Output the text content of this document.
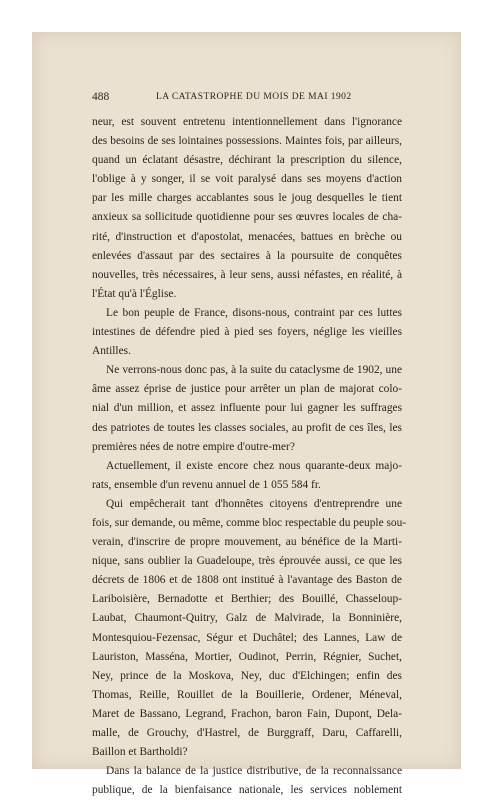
488	LA CATASTROPHE DU MOIS DE MAI 1902
neur, est souvent entretenu intentionnellement dans l'ignorance
des besoins de ses lointaines possessions. Maintes fois, par ailleurs,
quand un éclatant désastre, déchirant la prescription du silence,
l'oblige à y songer, il se voit paralysé dans ses moyens d'action
par les mille charges accablantes sous le joug desquelles le tient
anxieux sa sollicitude quotidienne pour ses œuvres locales de cha-
rité, d'instruction et d'apostolat, menacées, battues en brèche ou
enlevées d'assaut par des sectaires à la poursuite de conquêtes
nouvelles, très nécessaires, à leur sens, aussi néfastes, en réalité, à
l'État qu'à l'Église.
Le bon peuple de France, disons-nous, contraint par ces luttes
intestines de défendre pied à pied ses foyers, néglige les vieilles
Antilles.
Ne verrons-nous donc pas, à la suite du cataclysme de 1902, une
âme assez éprise de justice pour arrêter un plan de majorat colo-
nial d'un million, et assez influente pour lui gagner les suffrages
des patriotes de toutes les classes sociales, au profit de ces îles, les
premières nées de notre empire d'outre-mer?
Actuellement, il existe encore chez nous quarante-deux majo-
rats, ensemble d'un revenu annuel de 1 055 584 fr.
Qui empêcherait tant d'honnêtes citoyens d'entreprendre une
fois, sur demande, ou même, comme bloc respectable du peuple sou-
verain, d'inscrire de propre mouvement, au bénéfice de la Marti-
nique, sans oublier la Guadeloupe, très éprouvée aussi, ce que les
décrets de 1806 et de 1808 ont institué à l'avantage des Baston de
Lariboisière, Bernadotte et Berthier; des Bouillé, Chasseloup-
Laubat, Chaumont-Quitry, Galz de Malvirade, la Bonninière,
Montesquiou-Fezensac, Ségur et Duchâtel; des Lannes, Law de
Lauriston, Masséna, Mortier, Oudinot, Perrin, Régnier, Suchet,
Ney, prince de la Moskova, Ney, duc d'Elchingen; enfin des
Thomas, Reille, Rouillet de la Bouillerie, Ordener, Méneval,
Maret de Bassano, Legrand, Frachon, baron Fain, Dupont, Dela-
malle, de Grouchy, d'Hastrel, de Burggraff, Daru, Caffarelli,
Baillon et Bartholdi?
Dans la balance de la justice distributive, de la reconnaissance
publique, de la bienfaisance nationale, les services noblement
